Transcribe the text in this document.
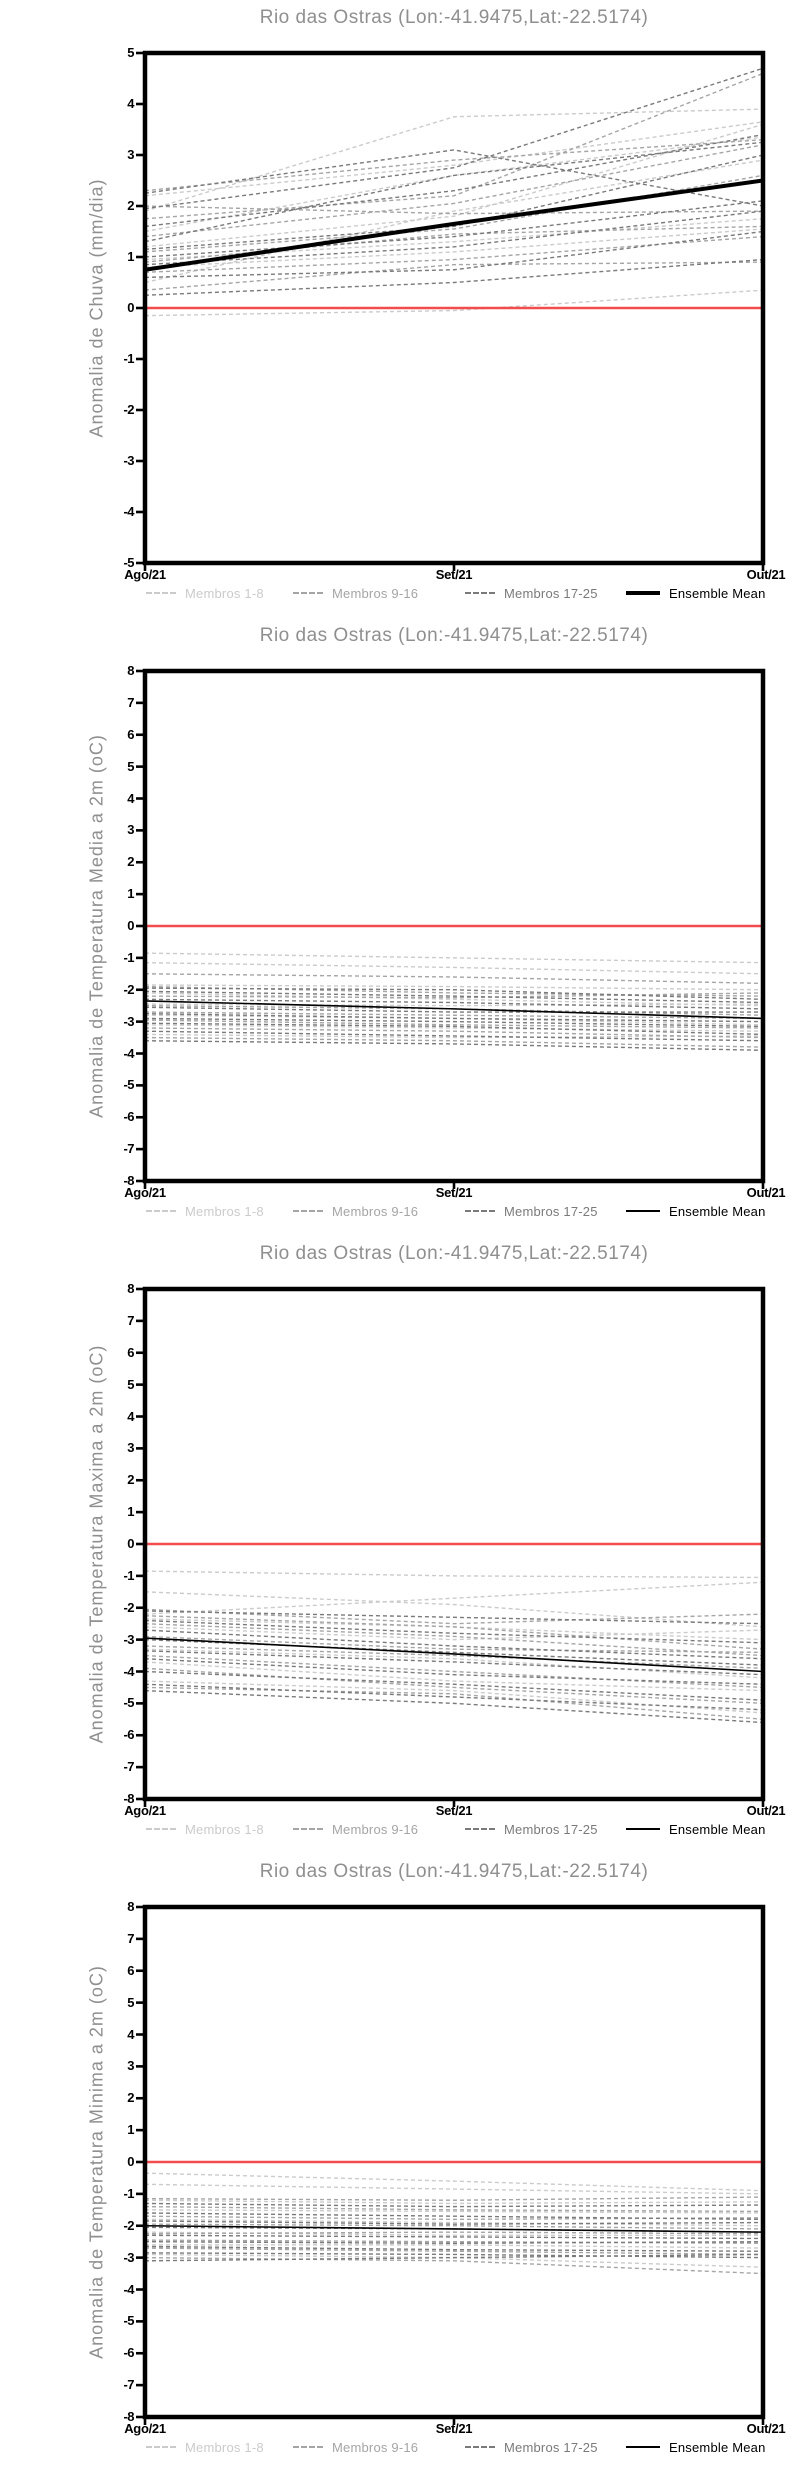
Rio das Ostras (Lon:-41.9475,Lat:-22.5174)
Anomalia de Chuva (mm/dia)
Ago/21	Set/21	Out/21
Membros 1-8	Membros 9-16	Membros 17-25	Ensemble Mean
5
4
3
2
1
0
-1
-2
-3
-4
-5
Rio das Ostras (Lon:-41.9475,Lat:-22.5174)
Anomalia de Temperatura Media a 2m (oC)
Ago/21	Set/21	Out/21
Membros 1-8	Membros 9-16	Membros 17-25	Ensemble Mean
8
7
6
5
4
3
2
1
0
-1
-2
-3
-4
-5
-6
-7
-8
Rio das Ostras (Lon:-41.9475,Lat:-22.5174)
Anomalia de Temperatura Maxima a 2m (oC)
Ago/21	Set/21	Out/21
Membros 1-8	Membros 9-16	Membros 17-25	Ensemble Mean
8
7
6
5
4
3
2
1
0
-1
-2
-3
-4
-5
-6
-7
-8
Rio das Ostras (Lon:-41.9475,Lat:-22.5174)
Anomalia de Temperatura Minima a 2m (oC)
Ago/21	Set/21	Out/21
Membros 1-8	Membros 9-16	Membros 17-25	Ensemble Mean
8
7
6
5
4
3
2
1
0
-1
-2
-3
-4
-5
-6
-7
-8
